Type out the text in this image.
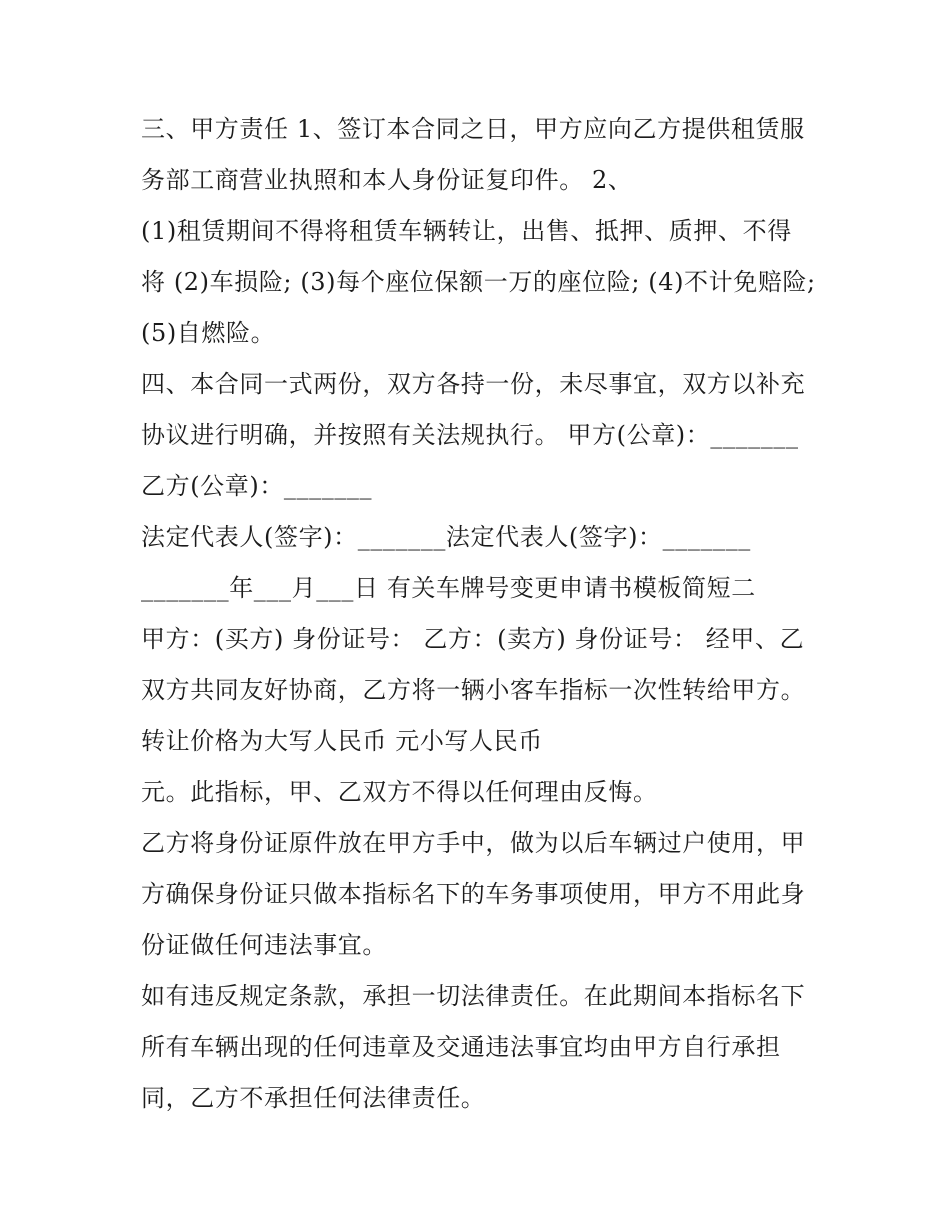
三、甲方责任 1、签订本合同之日，甲方应向乙方提供租赁服
务部工商营业执照和本人身份证复印件。 2、
(1)租赁期间不得将租赁车辆转让，出售、抵押、质押、不得
将 (2)车损险; (3)每个座位保额一万的座位险; (4)不计免赔险;
(5)自燃险。
四、本合同一式两份，双方各持一份，未尽事宜，双方以补充
协议进行明确，并按照有关法规执行。 甲方(公章)：_______
乙方(公章)：_______
法定代表人(签字)：_______法定代表人(签字)：_______
_______年___月___日 有关车牌号变更申请书模板简短二
甲方：(买方) 身份证号： 乙方：(卖方) 身份证号： 经甲、乙
双方共同友好协商，乙方将一辆小客车指标一次性转给甲方。
转让价格为大写人民币 元小写人民币
元。此指标，甲、乙双方不得以任何理由反悔。
乙方将身份证原件放在甲方手中，做为以后车辆过户使用，甲
方确保身份证只做本指标名下的车务事项使用，甲方不用此身
份证做任何违法事宜。
如有违反规定条款，承担一切法律责任。在此期间本指标名下
所有车辆出现的任何违章及交通违法事宜均由甲方自行承担
同，乙方不承担任何法律责任。
